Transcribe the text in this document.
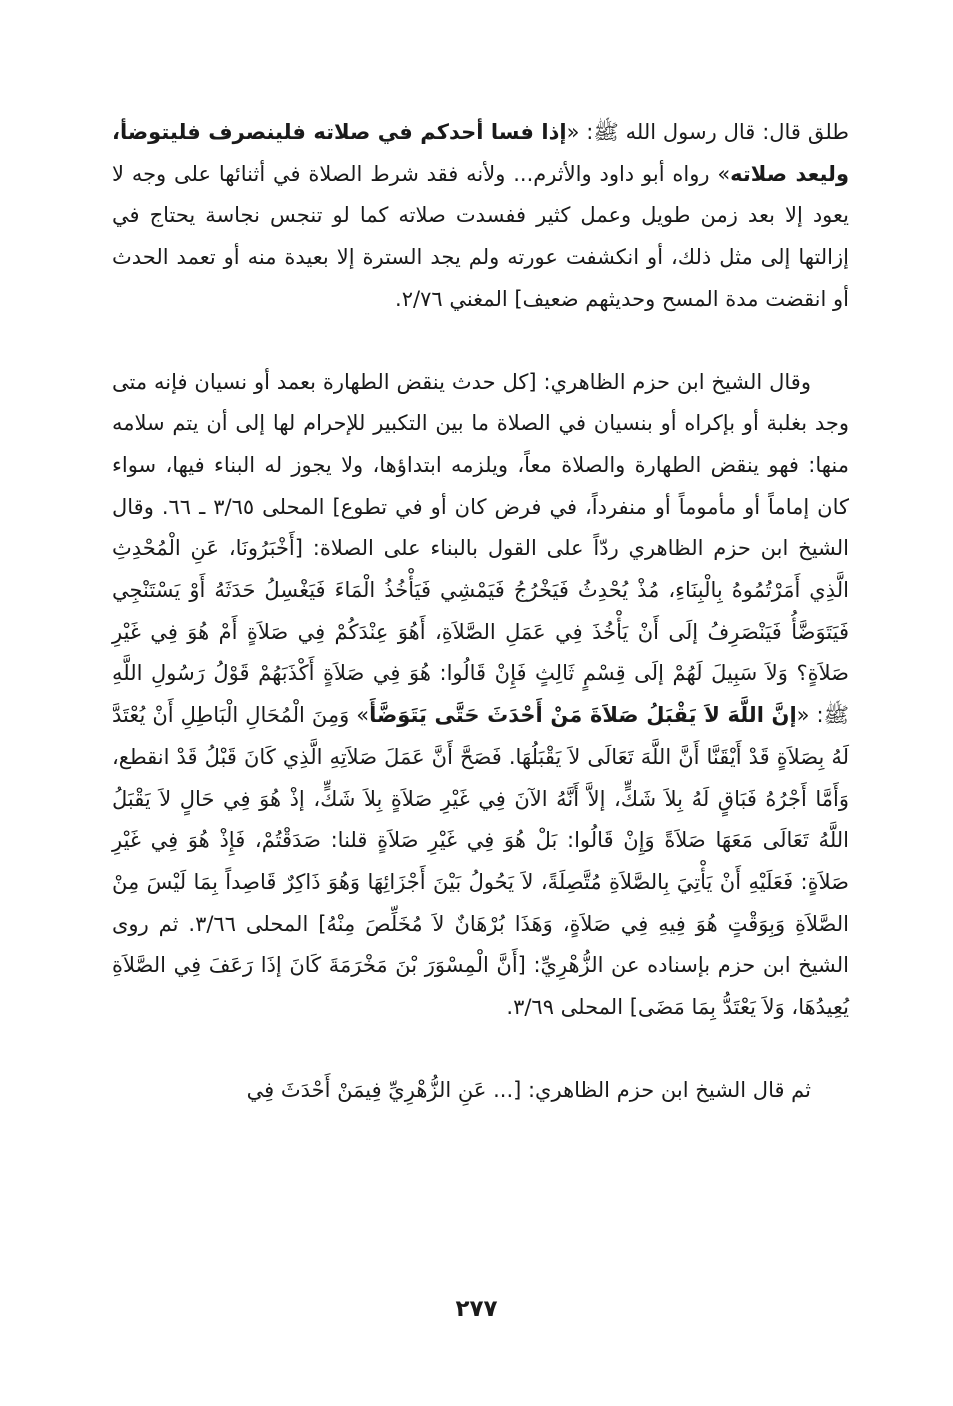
طلق قال: قال رسول الله ﷺ: «إذا فسا أحدكم في صلاته فلينصرف فليتوضأ، وليعد صلاته» رواه أبو داود والأثرم... ولأنه فقد شرط الصلاة في أثنائها على وجه لا يعود إلا بعد زمن طويل وعمل كثير ففسدت صلاته كما لو تنجس نجاسة يحتاج في إزالتها إلى مثل ذلك، أو انكشفت عورته ولم يجد السترة إلا بعيدة منه أو تعمد الحدث أو انقضت مدة المسح وحديثهم ضعيف] المغني ٢/٧٦.

وقال الشيخ ابن حزم الظاهري: [كل حدث ينقض الطهارة بعمد أو نسيان فإنه متى وجد بغلبة أو بإكراه أو بنسيان في الصلاة ما بين التكبير للإحرام لها إلى أن يتم سلامه منها: فهو ينقض الطهارة والصلاة معاً، ويلزمه ابتداؤها، ولا يجوز له البناء فيها، سواء كان إماماً أو مأموماً أو منفرداً، في فرض كان أو في تطوع] المحلى ٣/٦٥ ـ ٦٦. وقال الشيخ ابن حزم الظاهري ردّاً على القول بالبناء على الصلاة: [أَخْبَرُونَا، عَنِ الْمُحْدِثِ الَّذِي أَمَرْتُمُوهُ بِالْبِنَاءِ، مُذْ يُحْدِثُ فَيَخْرُجُ فَيَمْشِي فَيَأْخُذُ الْمَاءَ فَيَغْسِلُ حَدَثَهُ أَوْ يَسْتَنْجِي فَيَتَوَضَّأُ فَيَنْصَرِفُ إلَى أَنْ يَأْخُذَ فِي عَمَلِ الصَّلاَةِ، أَهُوَ عِنْدَكُمْ فِي صَلاَةٍ أَمْ هُوَ فِي غَيْرِ صَلاَةٍ؟ وَلاَ سَبِيلَ لَهُمْ إلَى قِسْمٍ ثَالِثٍ فَإِنْ قَالُوا: هُوَ فِي صَلاَةٍ أَكْذَبَهُمْ قَوْلُ رَسُولِ اللَّهِ ﷺ: «إنَّ اللَّهَ لاَ يَقْبَلُ صَلاَةَ مَنْ أَحْدَثَ حَتَّى يَتَوَضَّأَ» وَمِنَ الْمُحَالِ الْبَاطِلِ أَنْ يُعْتَدَّ لَهُ بِصَلاَةٍ قَدْ أَيْقَنَّا أَنَّ اللَّهَ تَعَالَى لاَ يَقْبَلُهَا. فَصَحَّ أَنَّ عَمَلَ صَلاَتِهِ الَّذِي كَانَ قَبْلُ قَدْ انقطع، وَأَمَّا أَجْرُهُ فَبَاقٍ لَهُ بِلاَ شَكٍّ، إلاَّ أَنَّهُ الآنَ فِي غَيْرِ صَلاَةٍ بِلاَ شَكٍّ، إذْ هُوَ فِي حَالٍ لاَ يَقْبَلُ اللَّهُ تَعَالَى مَعَهَا صَلاَةً وَإِنْ قَالُوا: بَلْ هُوَ فِي غَيْرِ صَلاَةٍ قلنا: صَدَقْتُمْ، فَإِذْ هُوَ فِي غَيْرِ صَلاَةٍ: فَعَلَيْهِ أَنْ يَأْتِيَ بِالصَّلاَةِ مُتَّصِلَةً، لاَ يَحُولُ بَيْنَ أَجْزَائِهَا وَهُوَ ذَاكِرٌ قَاصِداً بِمَا لَيْسَ مِنْ الصَّلاَةِ وَبِوَقْتٍ هُوَ فِيهِ فِي صَلاَةٍ، وَهَذَا بُرْهَانٌ لاَ مُخَلِّصَ مِنْهُ] المحلى ٣/٦٦. ثم روى الشيخ ابن حزم بإسناده عن الزُّهْرِيِّ: [أَنَّ الْمِسْوَرَ بْنَ مَخْرَمَةَ كَانَ إذَا رَعَفَ فِي الصَّلاَةِ يُعِيدُهَا، وَلاَ يَعْتَدُّ بِمَا مَضَى] المحلى ٣/٦٩.

ثم قال الشيخ ابن حزم الظاهري: [... عَنِ الزُّهْرِيِّ فِيمَنْ أَحْدَثَ فِي

٢٧٧
